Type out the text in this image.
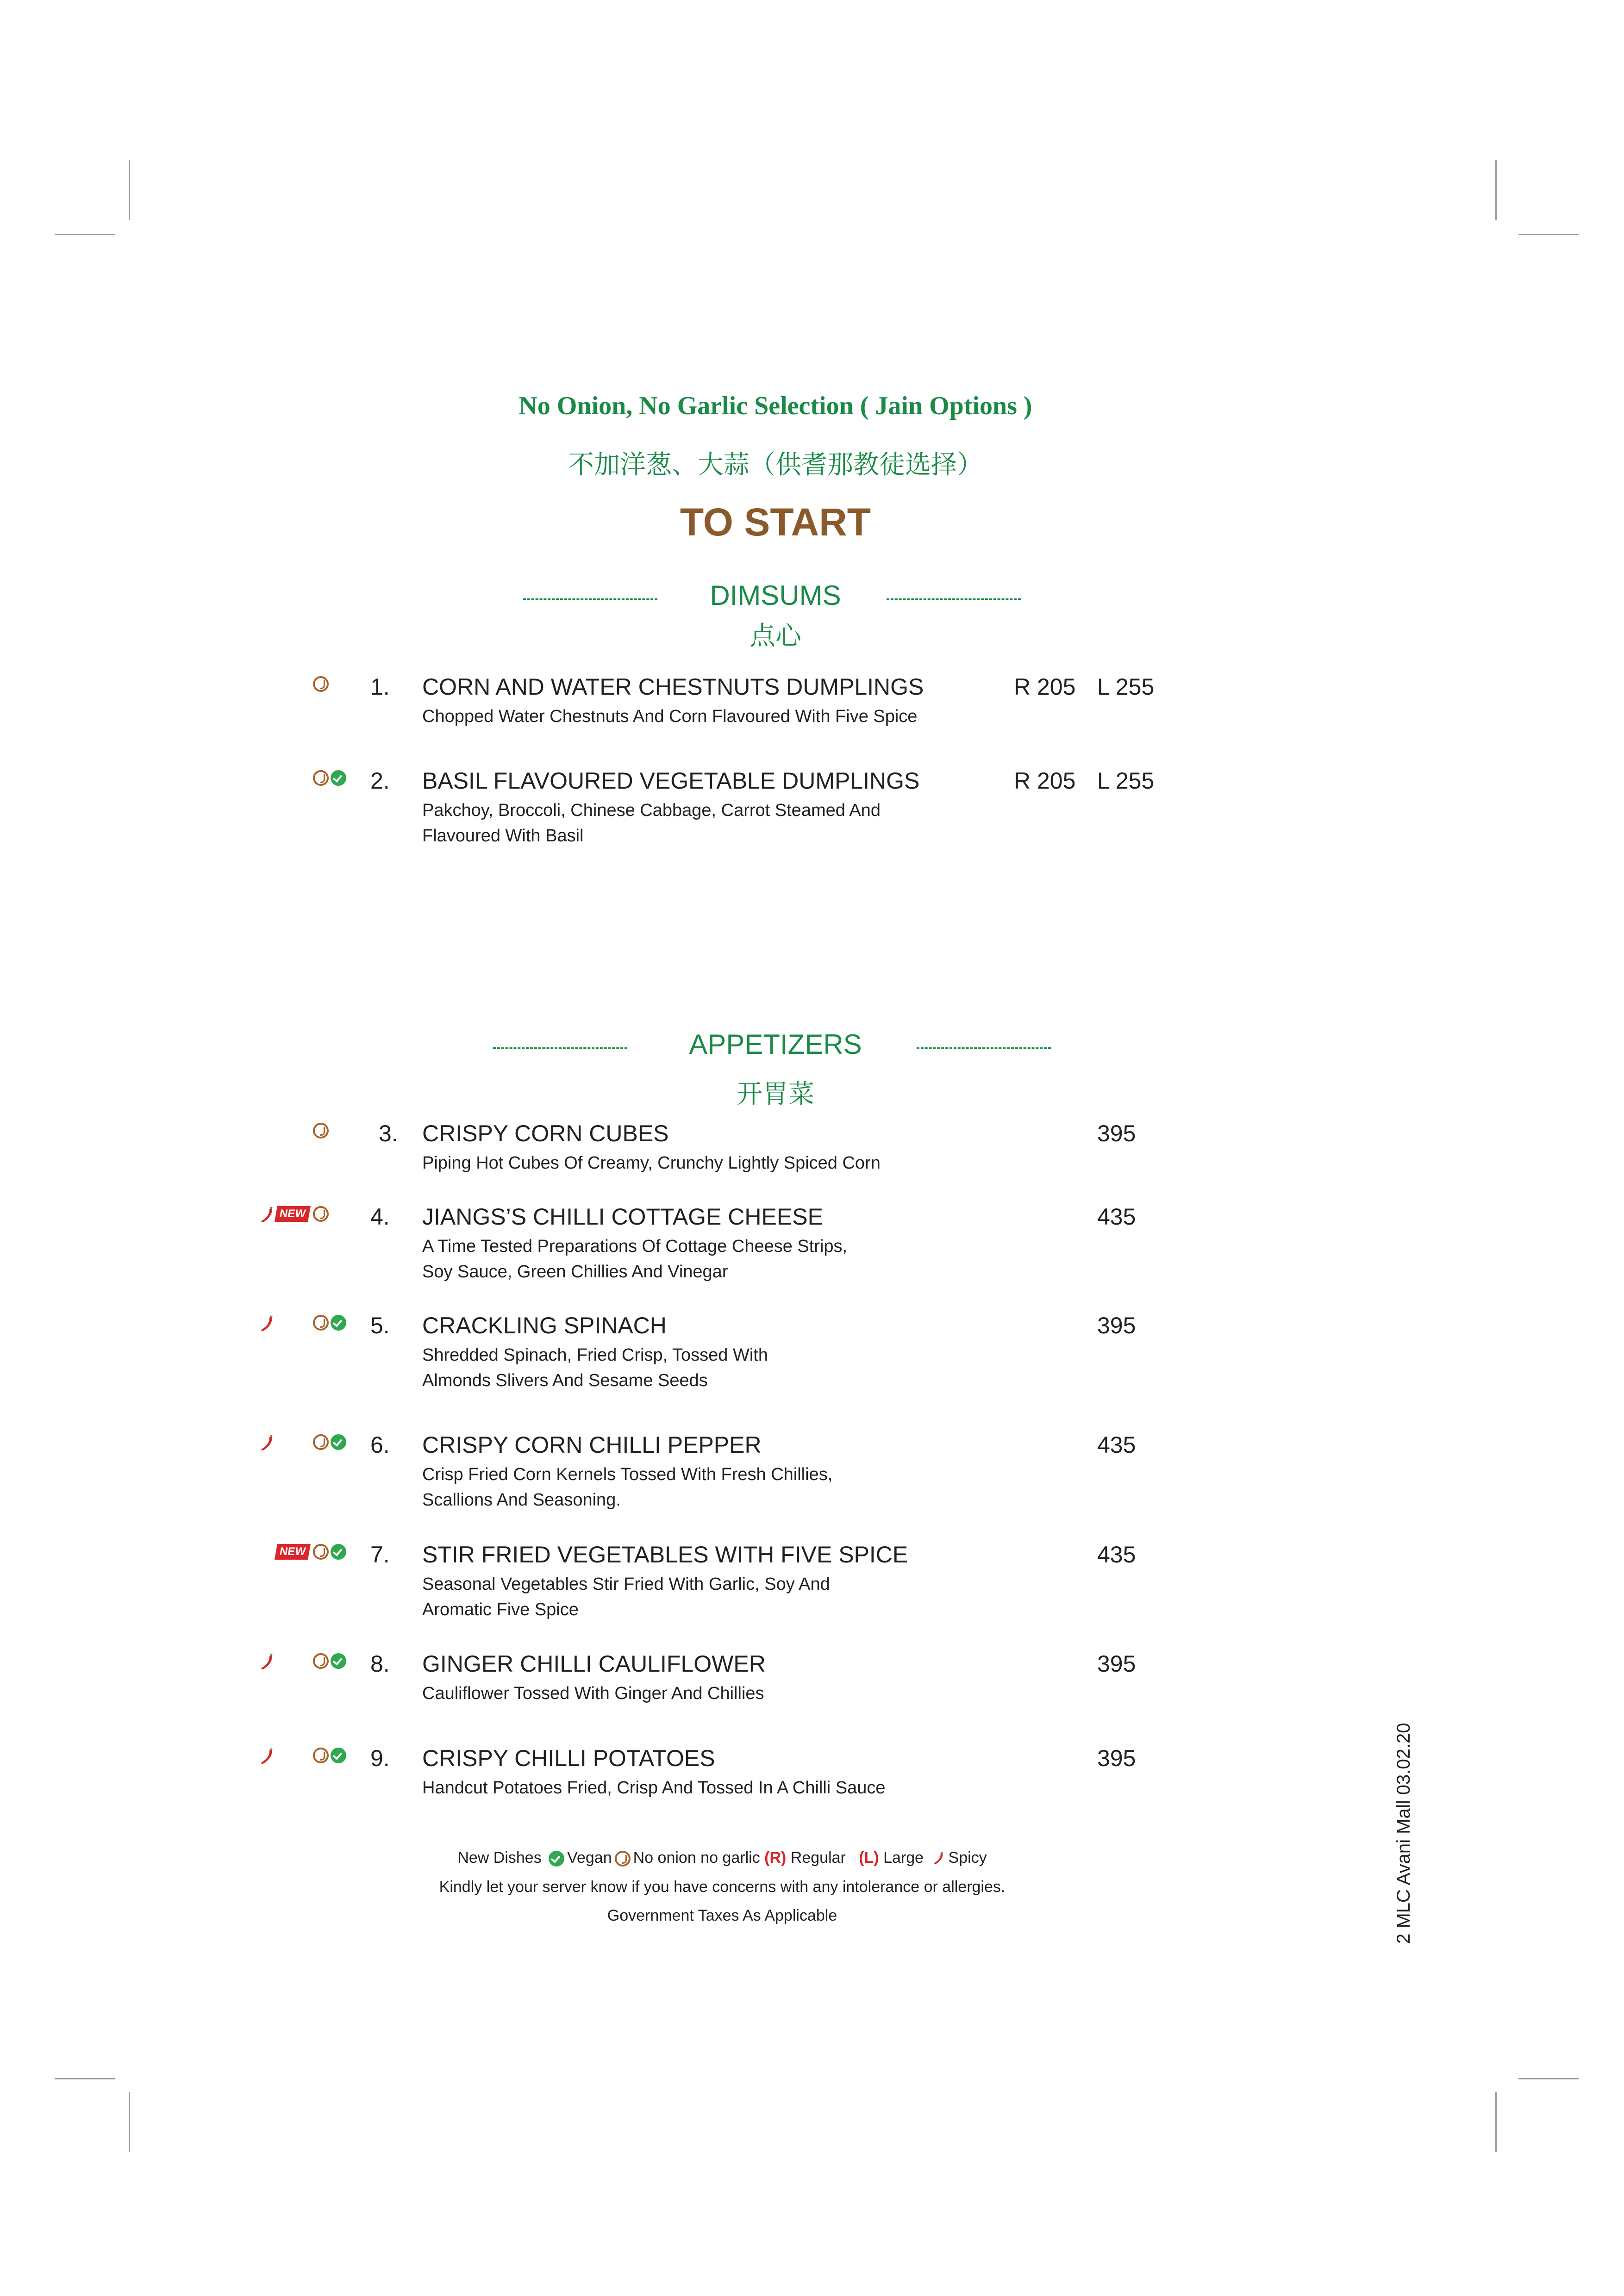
No Onion, No Garlic Selection ( Jain Options )
不加洋葱、大蒜（供耆那教徒选择）
TO START
DIMSUMS
点心
1. CORN AND WATER CHESTNUTS DUMPLINGS
Chopped Water Chestnuts And Corn Flavoured With Five Spice
R 205 L 255
2. BASIL FLAVOURED VEGETABLE DUMPLINGS
Pakchoy, Broccoli, Chinese Cabbage, Carrot Steamed And
Flavoured With Basil
R 205 L 255
APPETIZERS
开胃菜
3. CRISPY CORN CUBES
Piping Hot Cubes Of Creamy, Crunchy Lightly Spiced Corn
395
NEW	4. JIANGS’S CHILLI COTTAGE CHEESE
A Time Tested Preparations Of Cottage Cheese Strips,
Soy Sauce, Green Chillies And Vinegar
435
5. CRACKLING SPINACH
Shredded Spinach, Fried Crisp, Tossed With
Almonds Slivers And Sesame Seeds
395
6. CRISPY CORN CHILLI PEPPER
Crisp Fried Corn Kernels Tossed With Fresh Chillies,
Scallions And Seasoning.
435
NEW	7. STIR FRIED VEGETABLES WITH FIVE SPICE
Seasonal Vegetables Stir Fried With Garlic, Soy And
Aromatic Five Spice
435
8. GINGER CHILLI CAULIFLOWER
Cauliflower Tossed With Ginger And Chillies
395
9. CRISPY CHILLI POTATOES
Handcut Potatoes Fried, Crisp And Tossed In A Chilli Sauce
395
New Dishes Vegan No onion no garlic (R) Regular (L) Large Spicy
Kindly let your server know if you have concerns with any intolerance or allergies.
Government Taxes As Applicable	2 MLC Avani Mall 03.02.20
